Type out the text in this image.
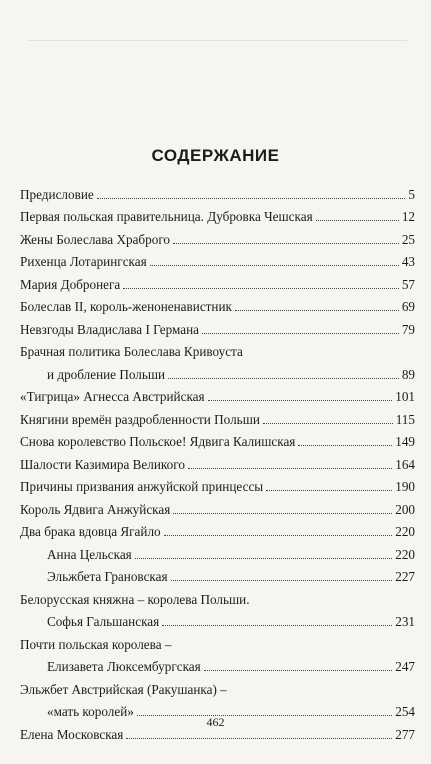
СОДЕРЖАНИЕ
Предисловие	5
Первая польская правительница. Дубровка Чешская	12
Жены Болеслава Храброго	25
Рихенца Лотарингская	43
Мария Добронега	57
Болеслав II, король-женоненавистник	69
Невзгоды Владислава I Германа	79
Брачная политика Болеслава Кривоуста
и дробление Польши	89
«Тигрица» Агнесса Австрийская	101
Княгини времён раздробленности Польши	115
Снова королевство Польское! Ядвига Калишская	149
Шалости Казимира Великого	164
Причины призвания анжуйской принцессы	190
Король Ядвига Анжуйская	200
Два брака вдовца Ягайло	220
Анна Цельская	220
Эльжбета Грановская	227
Белорусская княжна – королева Польши.
Софья Гальшанская	231
Почти польская королева –
Елизавета Люксембургская	247
Эльжбет Австрийская (Ракушанка) –
«мать королей»	254
Елена Московская	277
462
